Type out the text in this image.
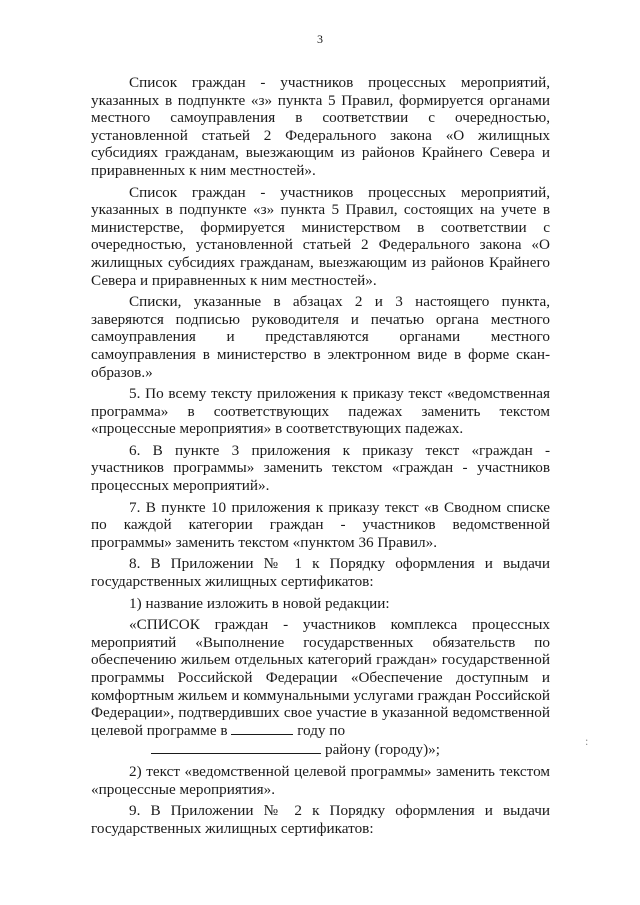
3

Список граждан - участников процессных мероприятий, указанных в подпункте «з» пункта 5 Правил, формируется органами местного самоуправления в соответствии с очередностью, установленной статьей 2 Федерального закона «О жилищных субсидиях гражданам, выезжающим из районов Крайнего Севера и приравненных к ним местностей».

Список граждан - участников процессных мероприятий, указанных в подпункте «з» пункта 5 Правил, состоящих на учете в министерстве, формируется министерством в соответствии с очередностью, установленной статьей 2 Федерального закона «О жилищных субсидиях гражданам, выезжающим из районов Крайнего Севера и приравненных к ним местностей».

Списки, указанные в абзацах 2 и 3 настоящего пункта, заверяются подписью руководителя и печатью органа местного самоуправления и представляются органами местного самоуправления в министерство в электронном виде в форме скан-образов.»

5. По всему тексту приложения к приказу текст «ведомственная программа» в соответствующих падежах заменить текстом «процессные мероприятия» в соответствующих падежах.

6. В пункте 3 приложения к приказу текст «граждан - участников программы» заменить текстом «граждан - участников процессных мероприятий».

7. В пункте 10 приложения к приказу текст «в Сводном списке по каждой категории граждан - участников ведомственной программы» заменить текстом «пунктом 36 Правил».

8. В Приложении № 1 к Порядку оформления и выдачи государственных жилищных сертификатов:

1) название изложить в новой редакции:

«СПИСОК граждан - участников комплекса процессных мероприятий «Выполнение государственных обязательств по обеспечению жильем отдельных категорий граждан» государственной программы Российской Федерации «Обеспечение доступным и комфортным жильем и коммунальными услугами граждан Российской Федерации», подтвердивших свое участие в указанной ведомственной целевой программе в	году по

району (городу)»;

2) текст «ведомственной целевой программы» заменить текстом «процессные мероприятия».

9. В Приложении № 2 к Порядку оформления и выдачи государственных жилищных сертификатов:

:
